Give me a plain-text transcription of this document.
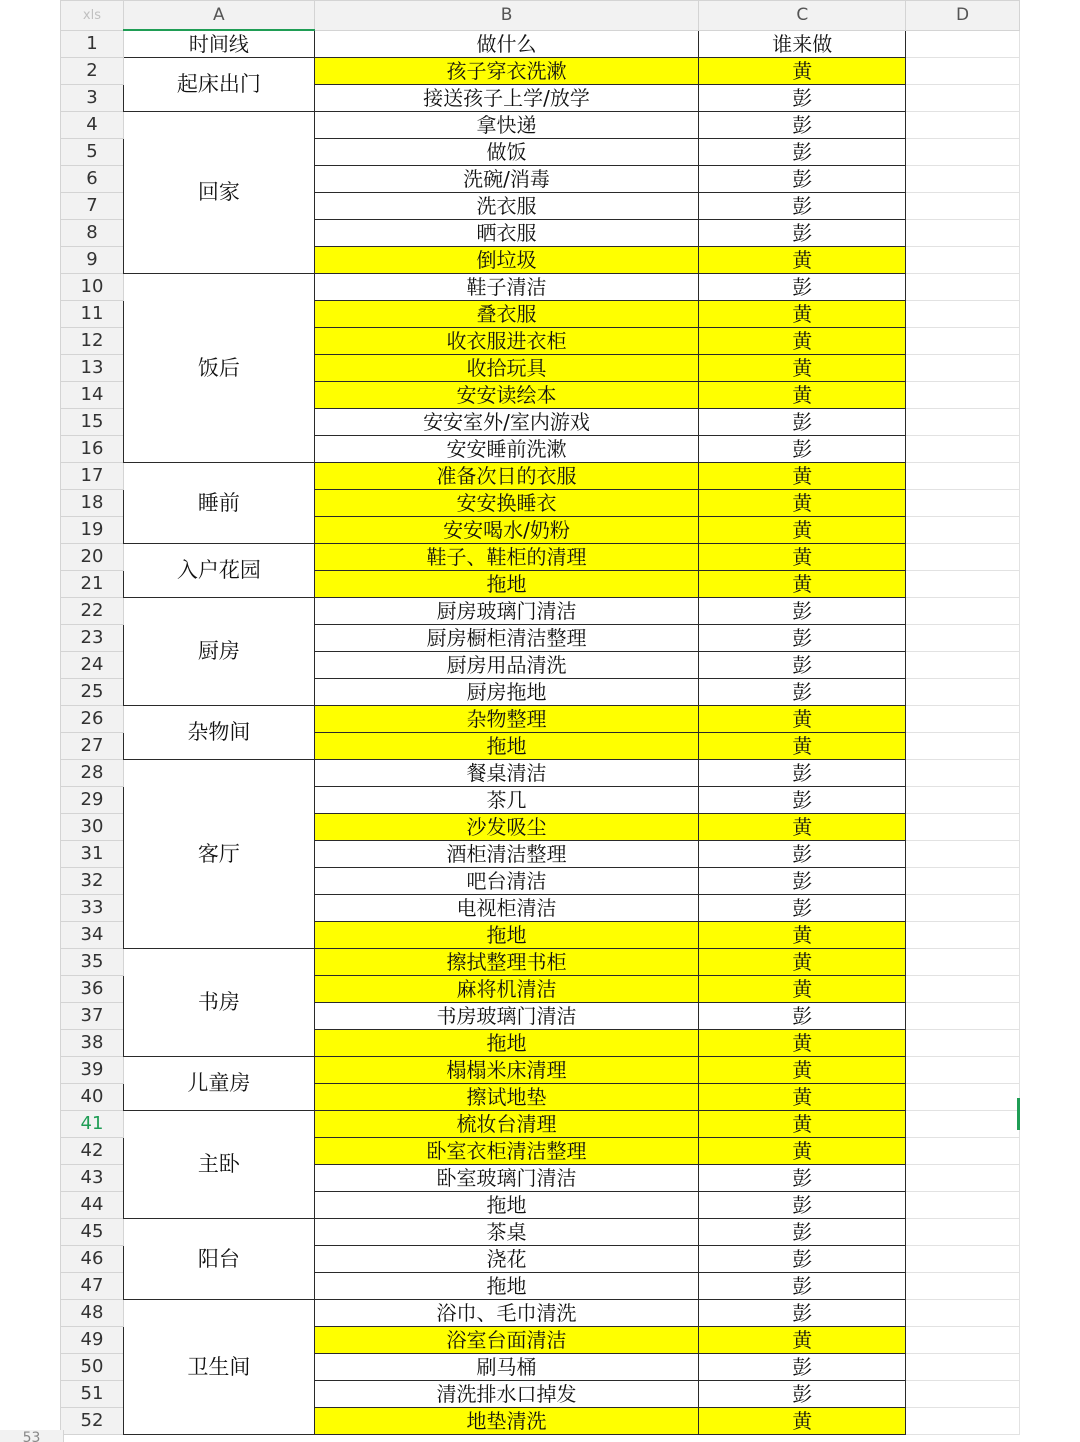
xls	A	B	C	D
1	时间线	做什么	谁来做	
2	起床出门	孩子穿衣洗漱	黄	
3		接送孩子上学/放学	彭	
4	回家	拿快递	彭	
5		做饭	彭	
6		洗碗/消毒	彭	
7		洗衣服	彭	
8		晒衣服	彭	
9		倒垃圾	黄	
10	饭后	鞋子清洁	彭	
11		叠衣服	黄	
12		收衣服进衣柜	黄	
13		收拾玩具	黄	
14		安安读绘本	黄	
15		安安室外/室内游戏	彭	
16		安安睡前洗漱	彭	
17	睡前	准备次日的衣服	黄	
18		安安换睡衣	黄	
19		安安喝水/奶粉	黄	
20	入户花园	鞋子、鞋柜的清理	黄	
21		拖地	黄	
22	厨房	厨房玻璃门清洁	彭	
23		厨房橱柜清洁整理	彭	
24		厨房用品清洗	彭	
25		厨房拖地	彭	
26	杂物间	杂物整理	黄	
27		拖地	黄	
28	客厅	餐桌清洁	彭	
29		茶几	彭	
30		沙发吸尘	黄	
31		酒柜清洁整理	彭	
32		吧台清洁	彭	
33		电视柜清洁	彭	
34		拖地	黄	
35	书房	擦拭整理书柜	黄	
36		麻将机清洁	黄	
37		书房玻璃门清洁	彭	
38		拖地	黄	
39	儿童房	榻榻米床清理	黄	
40		擦试地垫	黄	
41	主卧	梳妆台清理	黄	
42		卧室衣柜清洁整理	黄	
43		卧室玻璃门清洁	彭	
44		拖地	彭	
45	阳台	茶桌	彭	
46		浇花	彭	
47		拖地	彭	
48	卫生间	浴巾、毛巾清洗	彭	
49		浴室台面清洁	黄	
50		刷马桶	彭	
51		清洗排水口掉发	彭	
52		地垫清洗	黄	
53
